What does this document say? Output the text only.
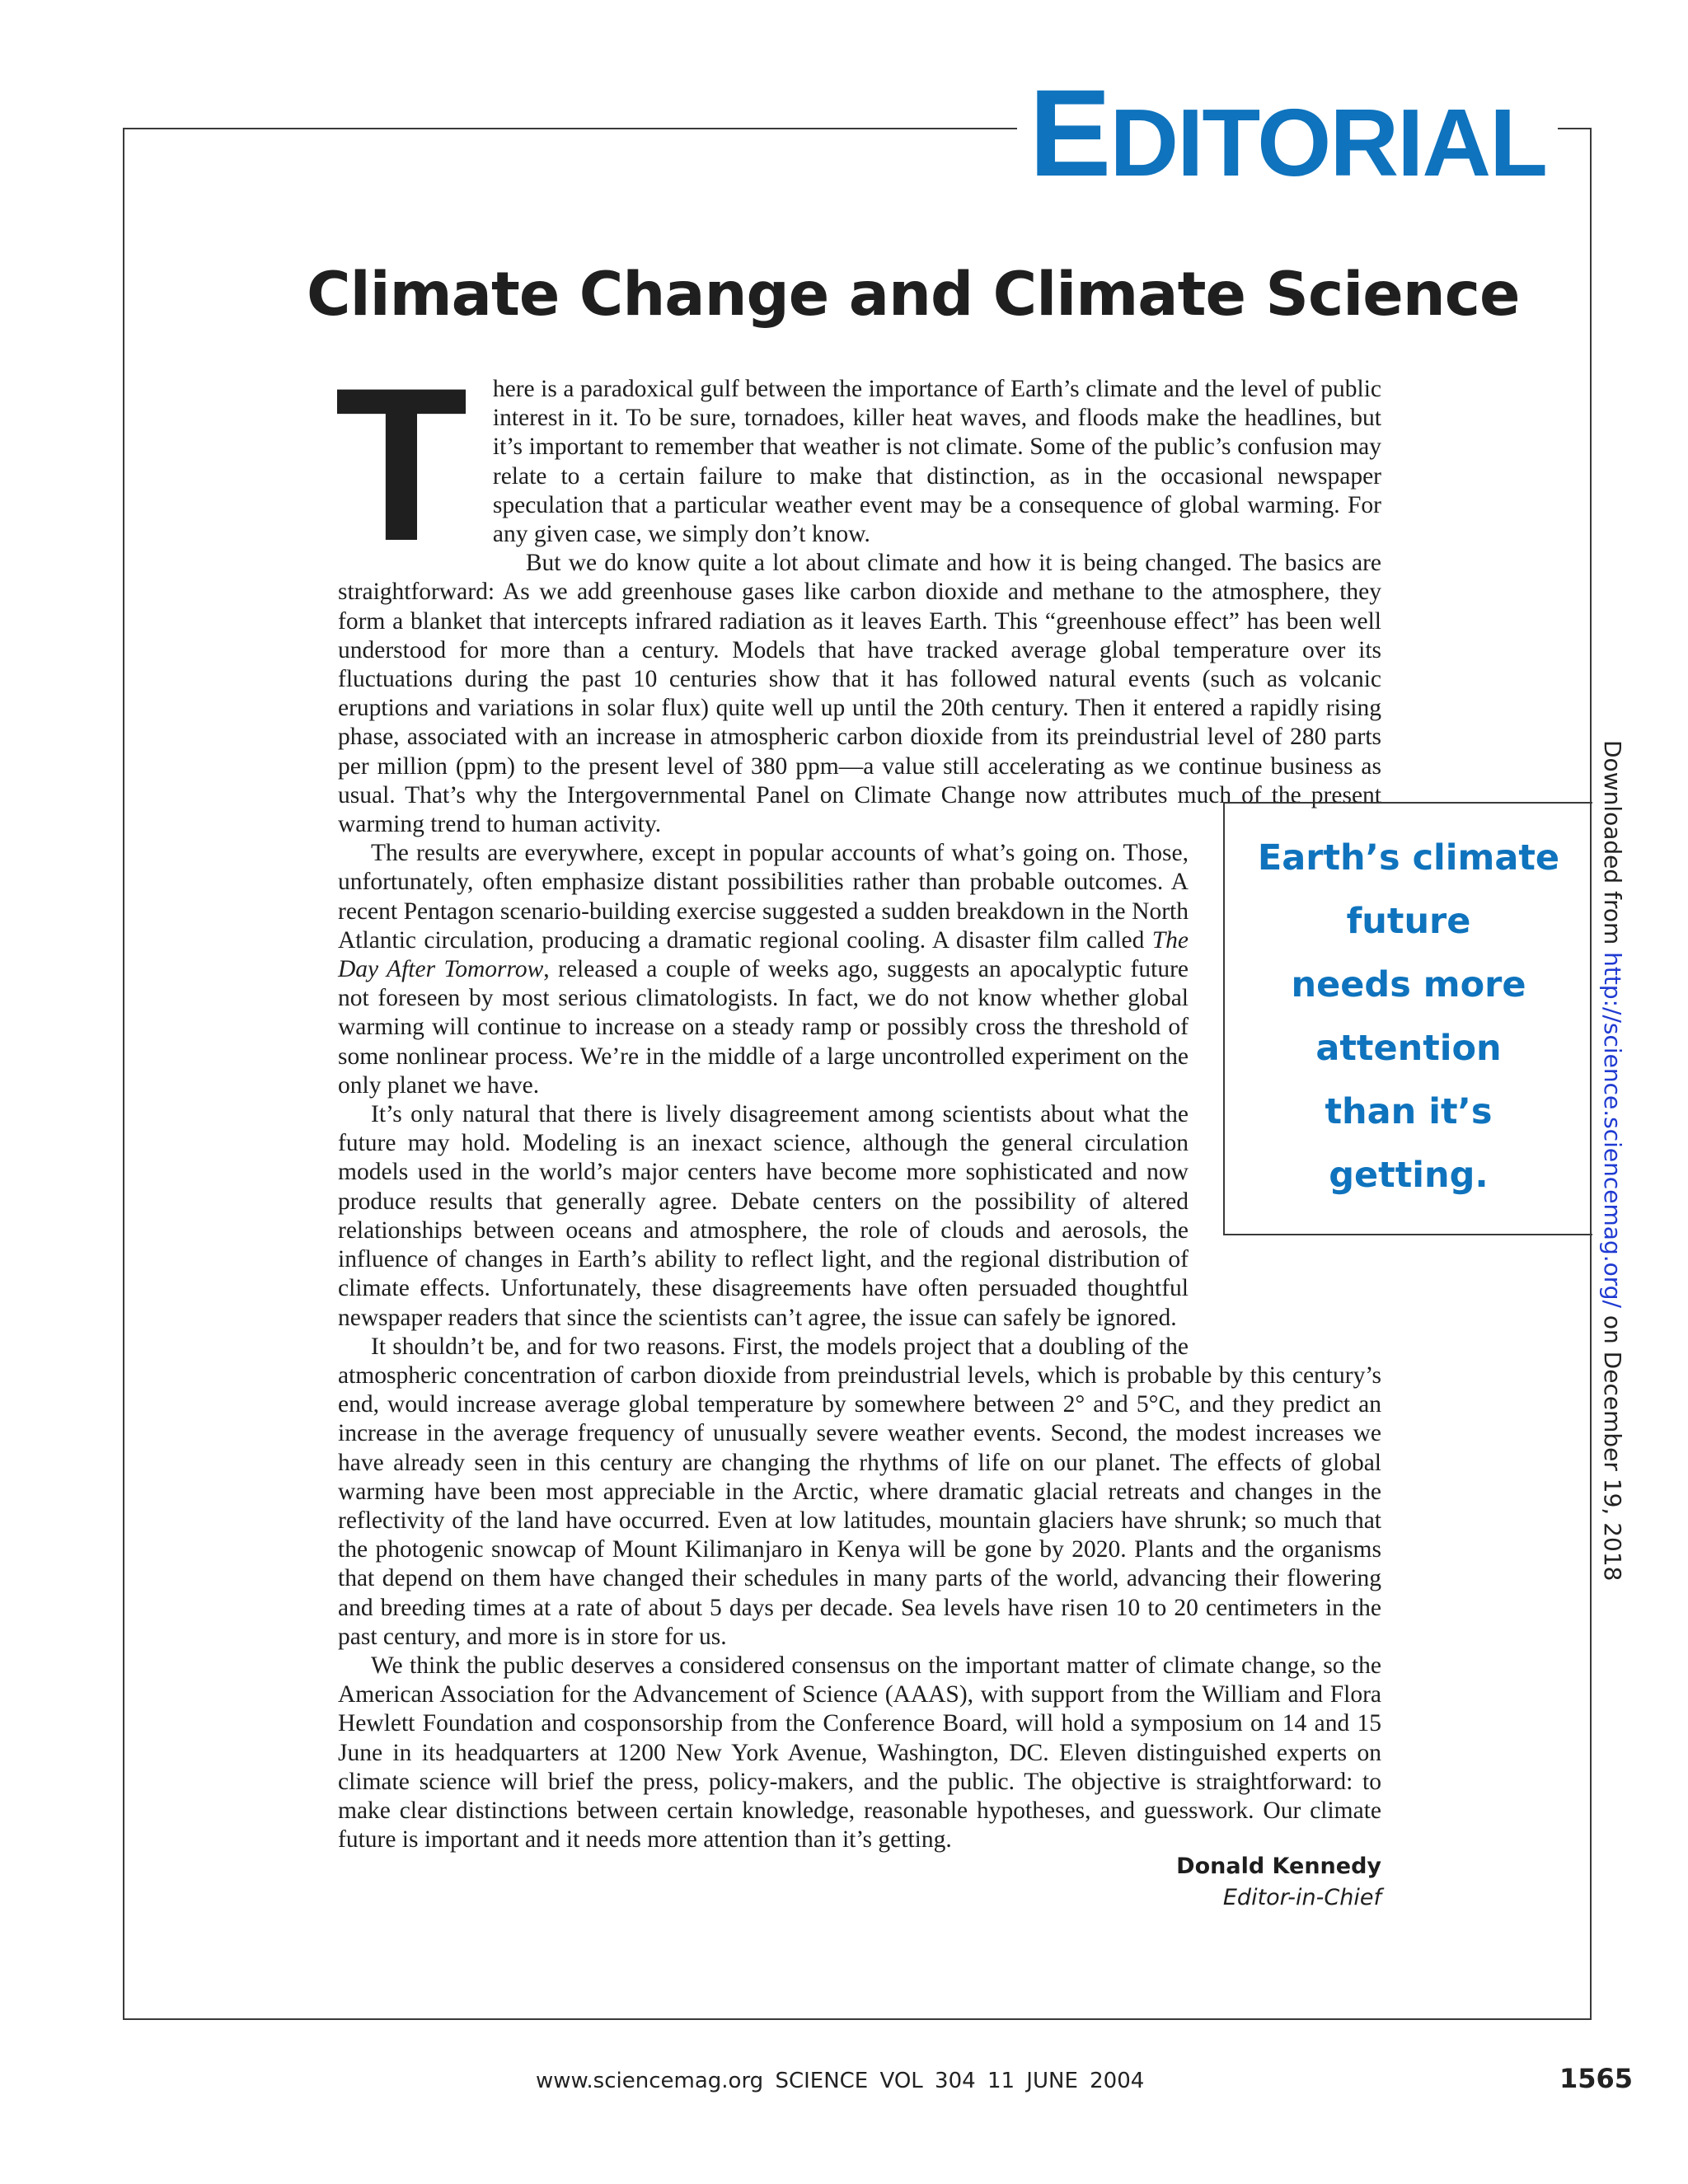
EDITORIAL
Climate Change and Climate Science

T here is a paradoxical gulf between the importance of Earth’s climate and the level of public interest in it. To be sure, tornadoes, killer heat waves, and floods make the headlines, but it’s important to remember that weather is not climate. Some of the public’s confusion may relate to a certain failure to make that distinction, as in the occasional newspaper speculation that a particular weather event may be a consequence of global warming. For any given case, we simply don’t know.

But we do know quite a lot about climate and how it is being changed. The basics are straightforward: As we add greenhouse gases like carbon dioxide and methane to the atmosphere, they form a blanket that intercepts infrared radiation as it leaves Earth. This “greenhouse effect” has been well understood for more than a century. Models that have tracked average global temperature over its fluctuations during the past 10 centuries show that it has followed natural events (such as volcanic eruptions and variations in solar flux) quite well up until the 20th century. Then it entered a rapidly rising phase, associated with an increase in atmospheric carbon dioxide from its preindustrial level of 280 parts per million (ppm) to the present level of 380 ppm—a value still accelerating as we continue business as usual. That’s why the Intergovernmental Panel on Climate Change now attributes much of the present warming trend to human activity.

The results are everywhere, except in popular accounts of what’s going on. Those, unfortunately, often emphasize distant possibilities rather than probable outcomes. A recent Pentagon scenario-building exercise suggested a sudden breakdown in the North Atlantic circulation, producing a dramatic regional cooling. A disaster film called The Day After Tomorrow, released a couple of weeks ago, suggests an apocalyptic future not foreseen by most serious climatologists. In fact, we do not know whether global warming will continue to increase on a steady ramp or possibly cross the threshold of some nonlinear process. We’re in the middle of a large uncontrolled experiment on the only planet we have.

It’s only natural that there is lively disagreement among scientists about what the future may hold. Modeling is an inexact science, although the general circulation models used in the world’s major centers have become more sophisticated and now produce results that generally agree. Debate centers on the possibility of altered relationships between oceans and atmosphere, the role of clouds and aerosols, the influence of changes in Earth’s ability to reflect light, and the regional distribution of climate effects. Unfortunately, these disagreements have often persuaded thoughtful newspaper readers that since the scientists can’t agree, the issue can safely be ignored.

It shouldn’t be, and for two reasons. First, the models project that a doubling of the atmospheric concentration of carbon dioxide from preindustrial levels, which is probable by this century’s end, would increase average global temperature by somewhere between 2° and 5°C, and they predict an increase in the average frequency of unusually severe weather events. Second, the modest increases we have already seen in this century are changing the rhythms of life on our planet. The effects of global warming have been most appreciable in the Arctic, where dramatic glacial retreats and changes in the reflectivity of the land have occurred. Even at low latitudes, mountain glaciers have shrunk; so much that the photogenic snowcap of Mount Kilimanjaro in Kenya will be gone by 2020. Plants and the organisms that depend on them have changed their schedules in many parts of the world, advancing their flowering and breeding times at a rate of about 5 days per decade. Sea levels have risen 10 to 20 centimeters in the past century, and more is in store for us.

We think the public deserves a considered consensus on the important matter of climate change, so the American Association for the Advancement of Science (AAAS), with support from the William and Flora Hewlett Foundation and cosponsorship from the Conference Board, will hold a symposium on 14 and 15 June in its headquarters at 1200 New York Avenue, Washington, DC. Eleven distinguished experts on climate science will brief the press, policy-makers, and the public. The objective is straightforward: to make clear distinctions between certain knowledge, reasonable hypotheses, and guesswork. Our climate future is important and it needs more attention than it’s getting.

Earth’s climate
future
needs more
attention
than it’s
getting.
Donald Kennedy
Editor-in-Chief
www.sciencemag.org SCIENCE VOL 304 11 JUNE 2004	1565
Downloaded from http://science.sciencemag.org/ on December 19, 2018
